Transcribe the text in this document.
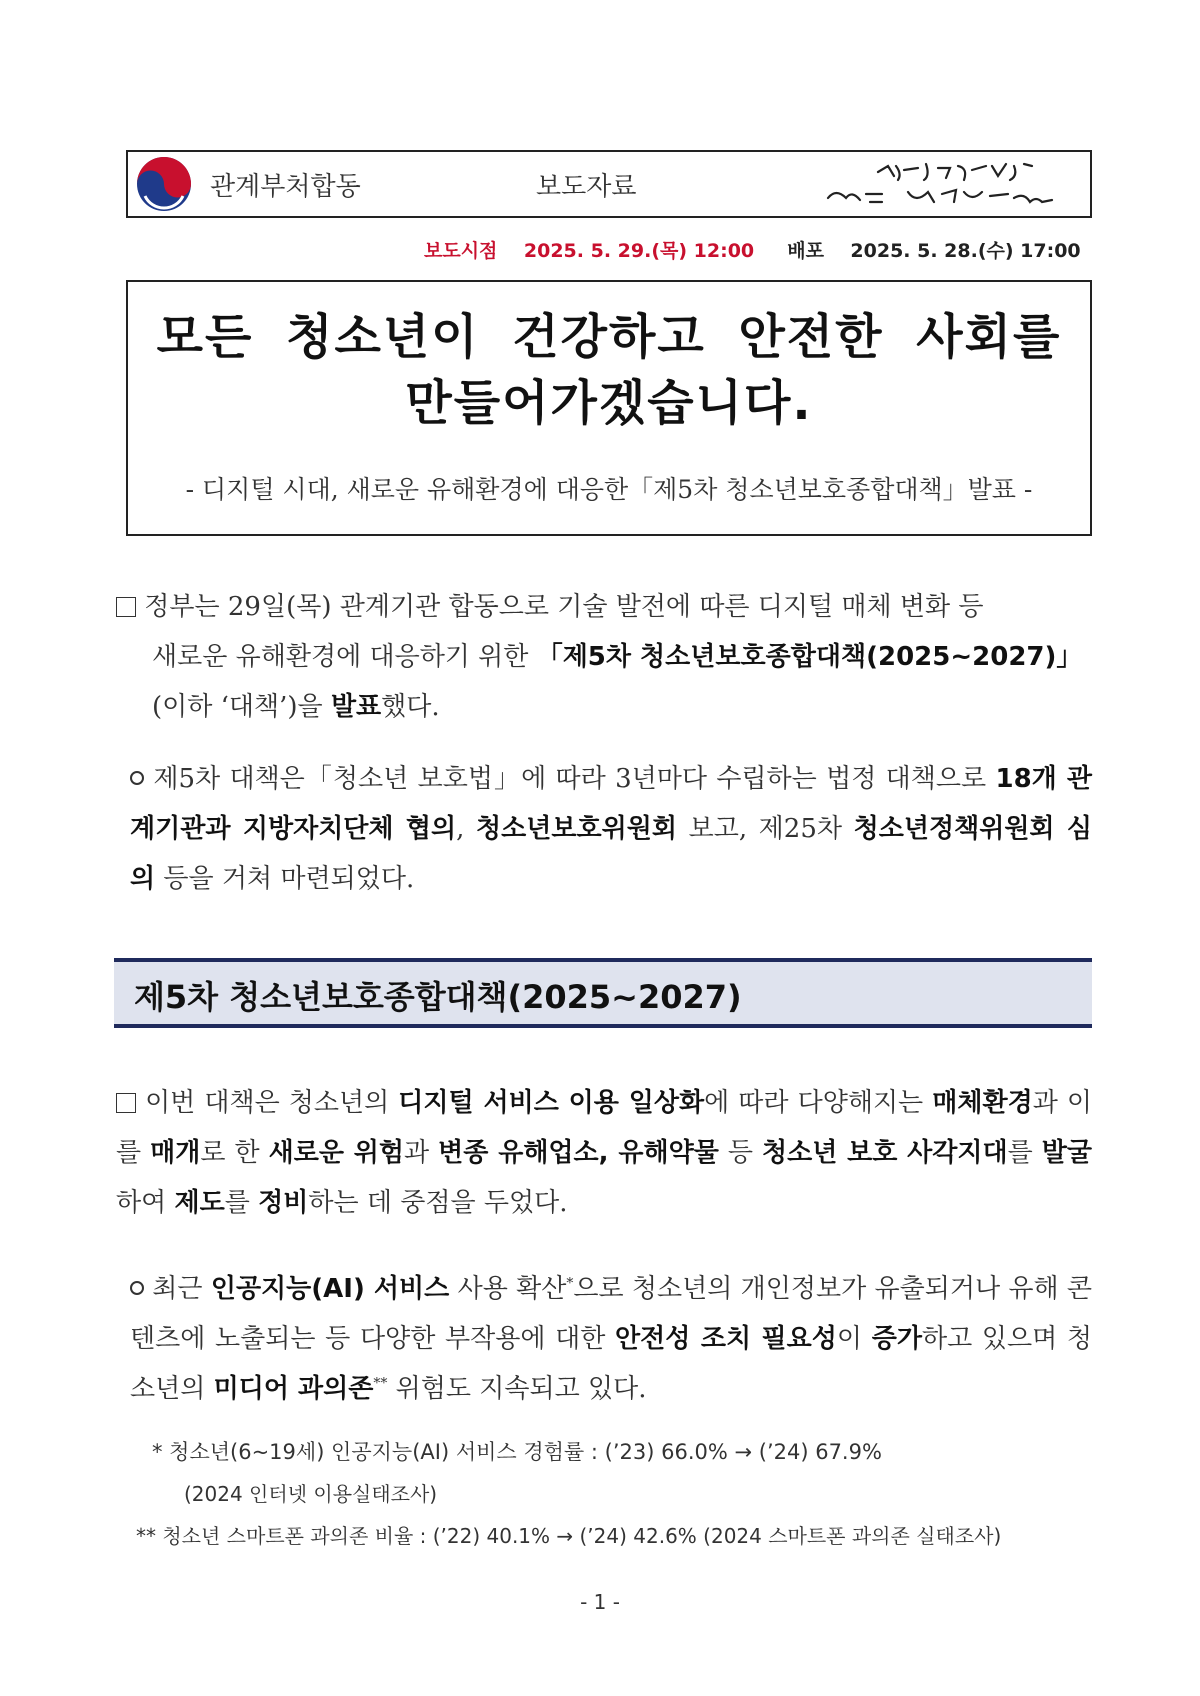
관계부처합동	보도자료
보도시점 2025. 5. 29.(목) 12:00 배포 2025. 5. 28.(수) 17:00
모든 청소년이 건강하고 안전한 사회를
만들어가겠습니다.
- 디지털 시대, 새로운 유해환경에 대응한「제5차 청소년보호종합대책」발표 -
정부는 29일(목) 관계기관 합동으로 기술 발전에 따른 디지털 매체 변화 등
새로운 유해환경에 대응하기 위한 「제5차 청소년보호종합대책(2025~2027)」
(이하 ‘대책’)을 발표했다.
제5차 대책은「청소년 보호법」에 따라 3년마다 수립하는 법정 대책으로 18개 관계기관과 지방자치단체 협의, 청소년보호위원회 보고, 제25차 청소년정책위원회 심의 등을 거쳐 마련되었다.
제5차 청소년보호종합대책(2025~2027)
이번 대책은 청소년의 디지털 서비스 이용 일상화에 따라 다양해지는 매체환경과 이를 매개로 한 새로운 위험과 변종 유해업소, 유해약물 등 청소년 보호 사각지대를 발굴하여 제도를 정비하는 데 중점을 두었다.
최근 인공지능(AI) 서비스 사용 확산*으로 청소년의 개인정보가 유출되거나 유해 콘텐츠에 노출되는 등 다양한 부작용에 대한 안전성 조치 필요성이 증가하고 있으며 청소년의 미디어 과의존** 위험도 지속되고 있다.
* 청소년(6~19세) 인공지능(AI) 서비스 경험률 : (’23) 66.0% → (’24) 67.9%
(2024 인터넷 이용실태조사)
** 청소년 스마트폰 과의존 비율 : (’22) 40.1% → (’24) 42.6% (2024 스마트폰 과의존 실태조사)
- 1 -
